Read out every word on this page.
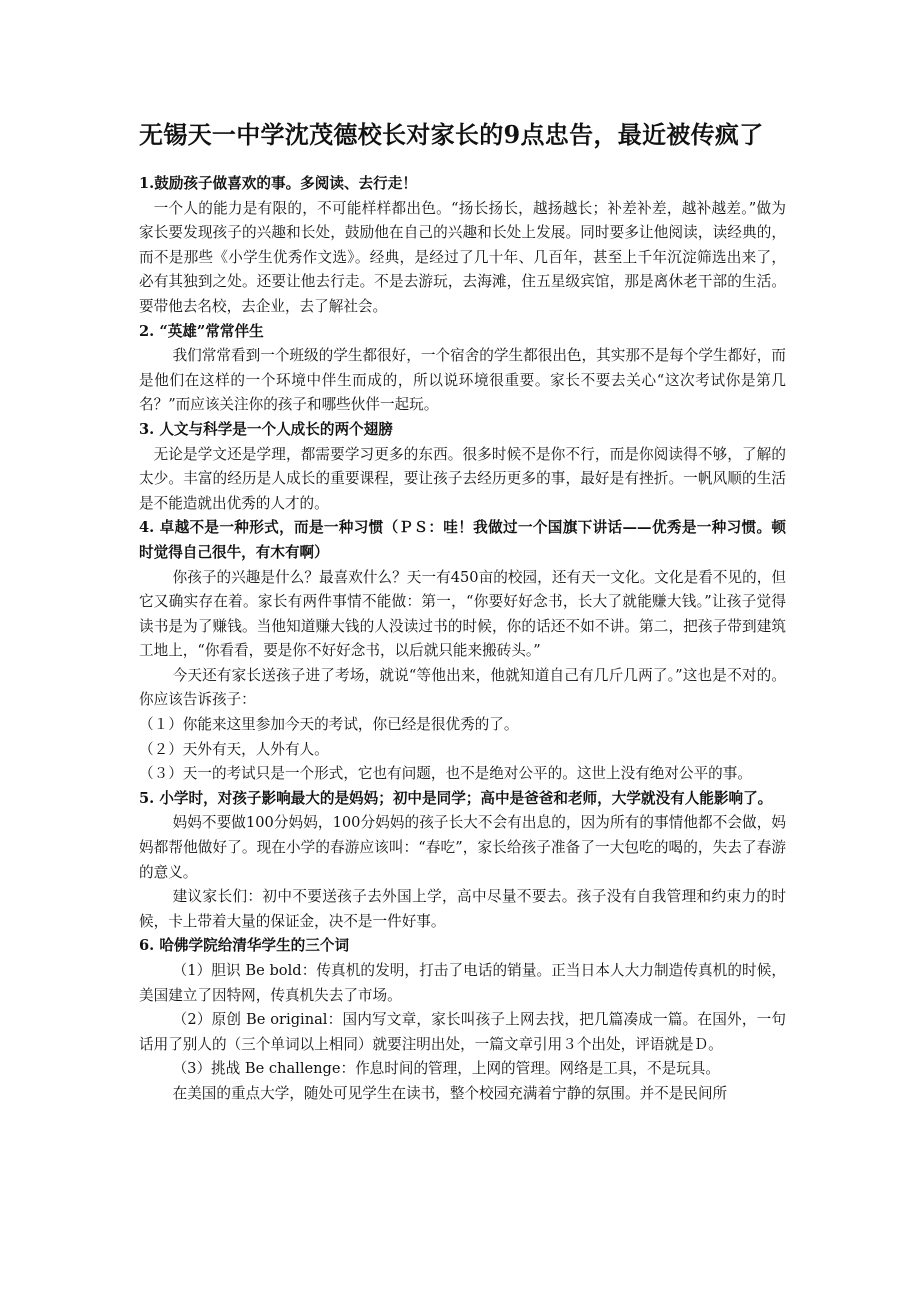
无锡天一中学沈茂德校长对家长的9点忠告，最近被传疯了

1.鼓励孩子做喜欢的事。多阅读、去行走！

一个人的能力是有限的，不可能样样都出色。“扬长扬长，越扬越长；补差补差，越补越差。”做为家长要发现孩子的兴趣和长处，鼓励他在自己的兴趣和长处上发展。同时要多让他阅读，读经典的，而不是那些《小学生优秀作文选》。经典，是经过了几十年、几百年，甚至上千年沉淀筛选出来了，必有其独到之处。还要让他去行走。不是去游玩，去海滩，住五星级宾馆，那是离休老干部的生活。要带他去名校，去企业，去了解社会。

2. “英雄”常常伴生

我们常常看到一个班级的学生都很好，一个宿舍的学生都很出色，其实那不是每个学生都好，而是他们在这样的一个环境中伴生而成的，所以说环境很重要。家长不要去关心“这次考试你是第几名？”而应该关注你的孩子和哪些伙伴一起玩。

3. 人文与科学是一个人成长的两个翅膀

无论是学文还是学理，都需要学习更多的东西。很多时候不是你不行，而是你阅读得不够，了解的太少。丰富的经历是人成长的重要课程，要让孩子去经历更多的事，最好是有挫折。一帆风顺的生活是不能造就出优秀的人才的。

4. 卓越不是一种形式，而是一种习惯（ＰＳ：哇！我做过一个国旗下讲话——优秀是一种习惯。顿时觉得自己很牛，有木有啊）

你孩子的兴趣是什么？最喜欢什么？天一有450亩的校园，还有天一文化。文化是看不见的，但它又确实存在着。家长有两件事情不能做：第一，“你要好好念书，长大了就能赚大钱。”让孩子觉得读书是为了赚钱。当他知道赚大钱的人没读过书的时候，你的话还不如不讲。第二，把孩子带到建筑工地上，“你看看，要是你不好好念书，以后就只能来搬砖头。”

今天还有家长送孩子进了考场，就说“等他出来，他就知道自己有几斤几两了。”这也是不对的。你应该告诉孩子：

（１）你能来这里参加今天的考试，你已经是很优秀的了。

（２）天外有天，人外有人。

（３）天一的考试只是一个形式，它也有问题，也不是绝对公平的。这世上没有绝对公平的事。

5. 小学时，对孩子影响最大的是妈妈；初中是同学；高中是爸爸和老师，大学就没有人能影响了。

妈妈不要做100分妈妈，100分妈妈的孩子长大不会有出息的，因为所有的事情他都不会做，妈妈都帮他做好了。现在小学的春游应该叫：“春吃”，家长给孩子准备了一大包吃的喝的，失去了春游的意义。

建议家长们：初中不要送孩子去外国上学，高中尽量不要去。孩子没有自我管理和约束力的时候，卡上带着大量的保证金，决不是一件好事。

6. 哈佛学院给清华学生的三个词

（1）胆识 Be bold：传真机的发明，打击了电话的销量。正当日本人大力制造传真机的时候，美国建立了因特网，传真机失去了市场。

（2）原创 Be original：国内写文章，家长叫孩子上网去找，把几篇凑成一篇。在国外，一句话用了别人的（三个单词以上相同）就要注明出处，一篇文章引用３个出处，评语就是Ｄ。

（3）挑战 Be challenge：作息时间的管理，上网的管理。网络是工具，不是玩具。

在美国的重点大学，随处可见学生在读书，整个校园充满着宁静的氛围。并不是民间所
